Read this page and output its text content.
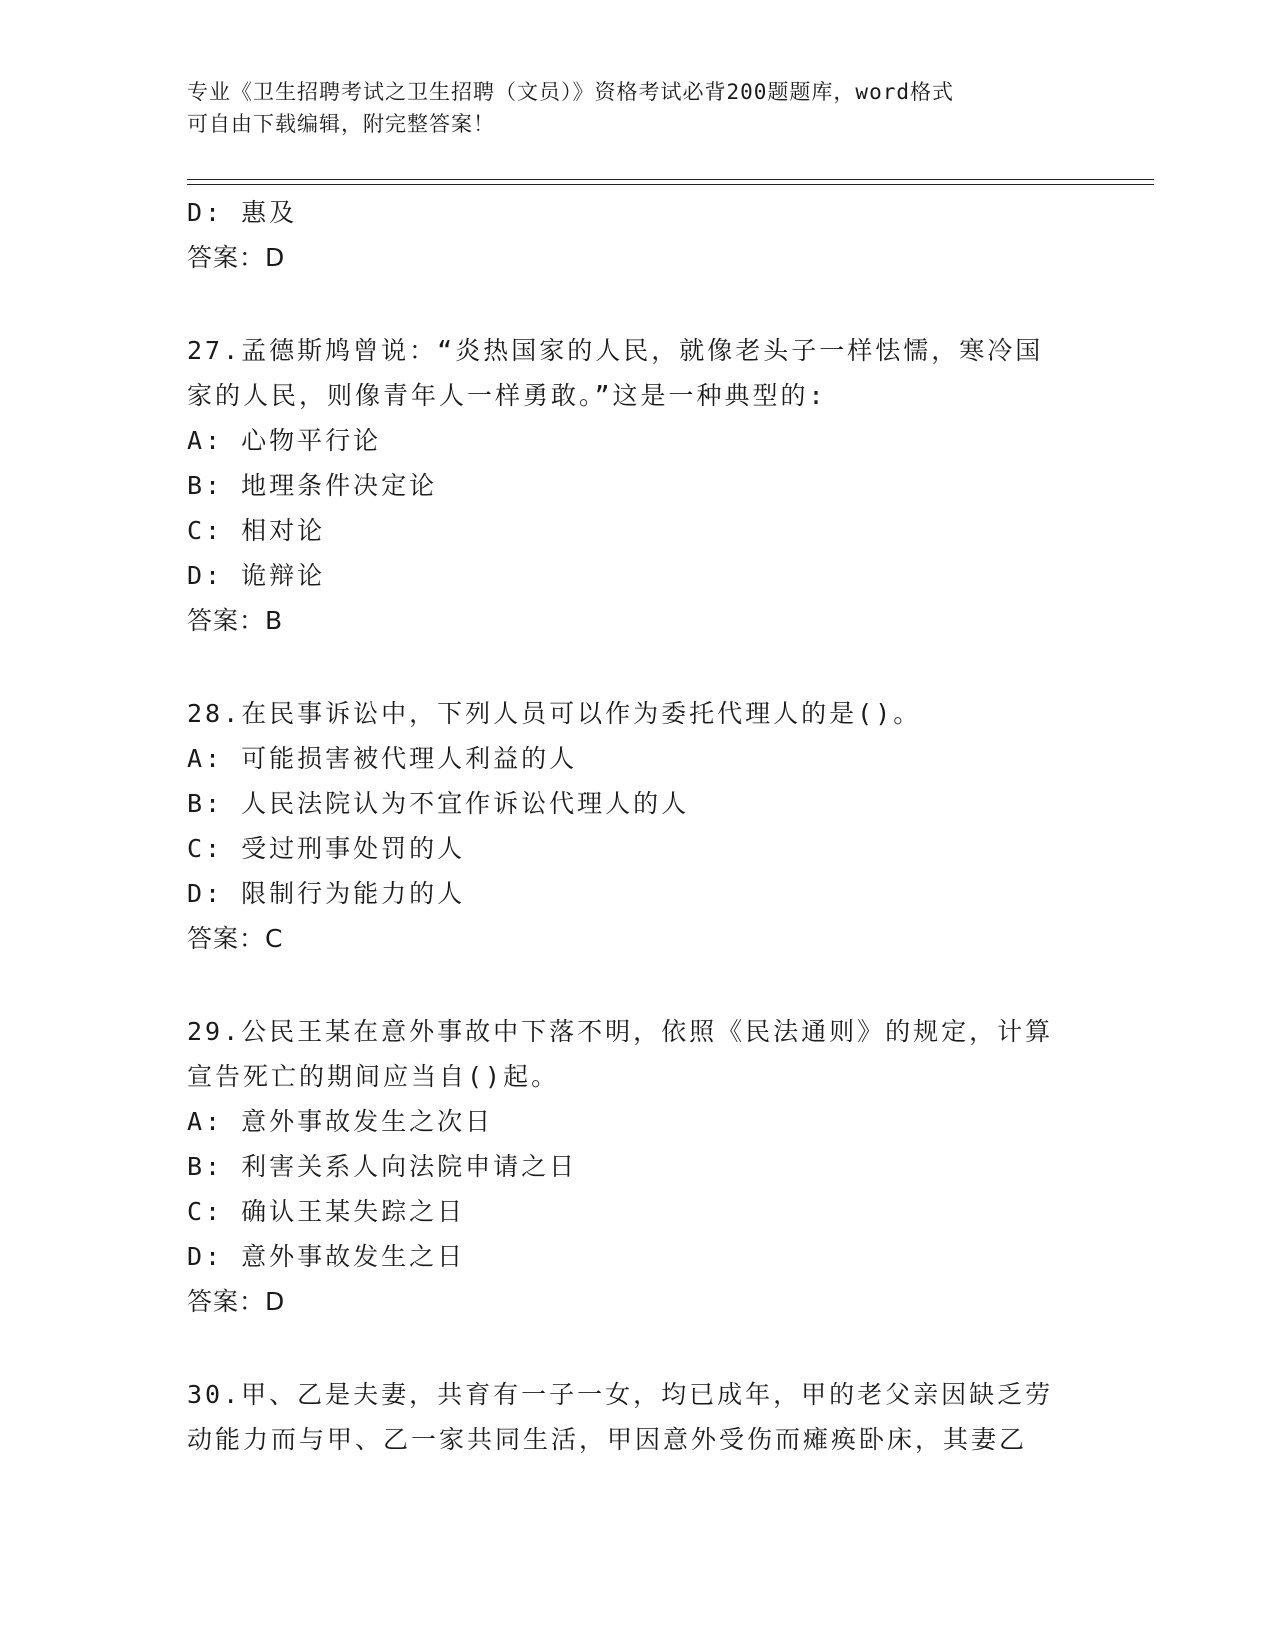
专业《卫生招聘考试之卫生招聘（文员）》资格考试必背200题题库，word格式
可自由下载编辑，附完整答案！
D: 惠及
答案：D
27.孟德斯鸠曾说：“炎热国家的人民，就像老头子一样怯懦，寒冷国
家的人民，则像青年人一样勇敢。”这是一种典型的:
A: 心物平行论
B: 地理条件决定论
C: 相对论
D: 诡辩论
答案：B
28.在民事诉讼中，下列人员可以作为委托代理人的是()。
A: 可能损害被代理人利益的人
B: 人民法院认为不宜作诉讼代理人的人
C: 受过刑事处罚的人
D: 限制行为能力的人
答案：C
29.公民王某在意外事故中下落不明，依照《民法通则》的规定，计算
宣告死亡的期间应当自()起。
A: 意外事故发生之次日
B: 利害关系人向法院申请之日
C: 确认王某失踪之日
D: 意外事故发生之日
答案：D
30.甲、乙是夫妻，共育有一子一女，均已成年，甲的老父亲因缺乏劳
动能力而与甲、乙一家共同生活，甲因意外受伤而瘫痪卧床，其妻乙
